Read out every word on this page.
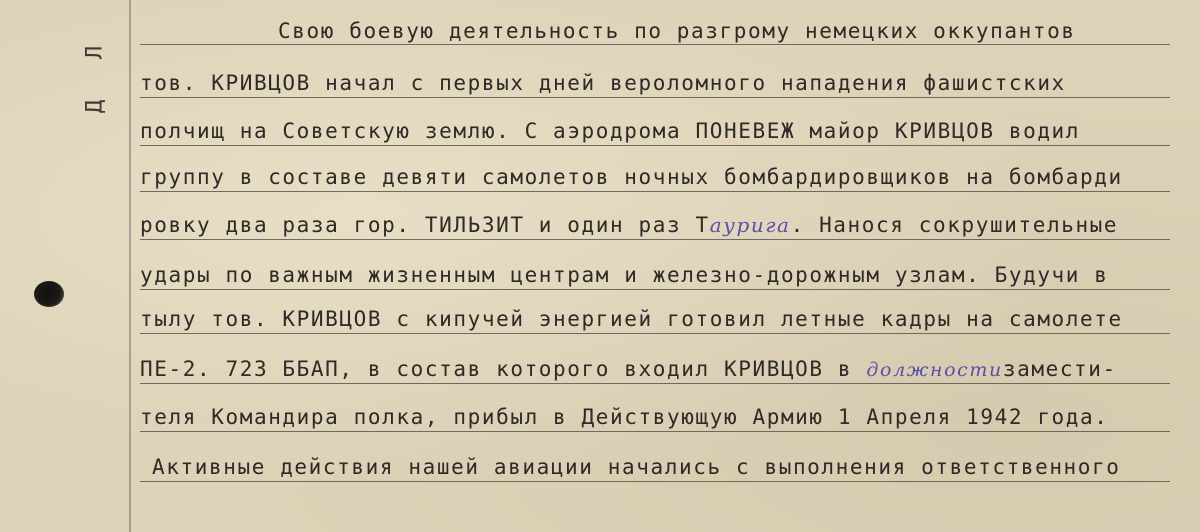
Л
Д
Свою боевую деятельность по разгрому немецких оккупантов
тов. КРИВЦОВ начал с первых дней вероломного нападения фашистских
полчищ на Советскую землю. С аэродрома ПОНЕВЕЖ майор КРИВЦОВ водил
группу в составе девяти самолетов ночных бомбардировщиков на бомбарди
ровку два раза гор. ТИЛЬЗИТ и один раз Таурига. Нанося сокрушительные
удары по важным жизненным центрам и железно-дорожным узлам. Будучи в
тылу тов. КРИВЦОВ с кипучей энергией готовил летные кадры на самолете
ПЕ-2. 723 ББАП, в состав которого входил КРИВЦОВ в должностизамести-
теля Командира полка, прибыл в Действующую Армию 1 Апреля 1942 года.
Активные действия нашей авиации начались с выполнения ответственного
